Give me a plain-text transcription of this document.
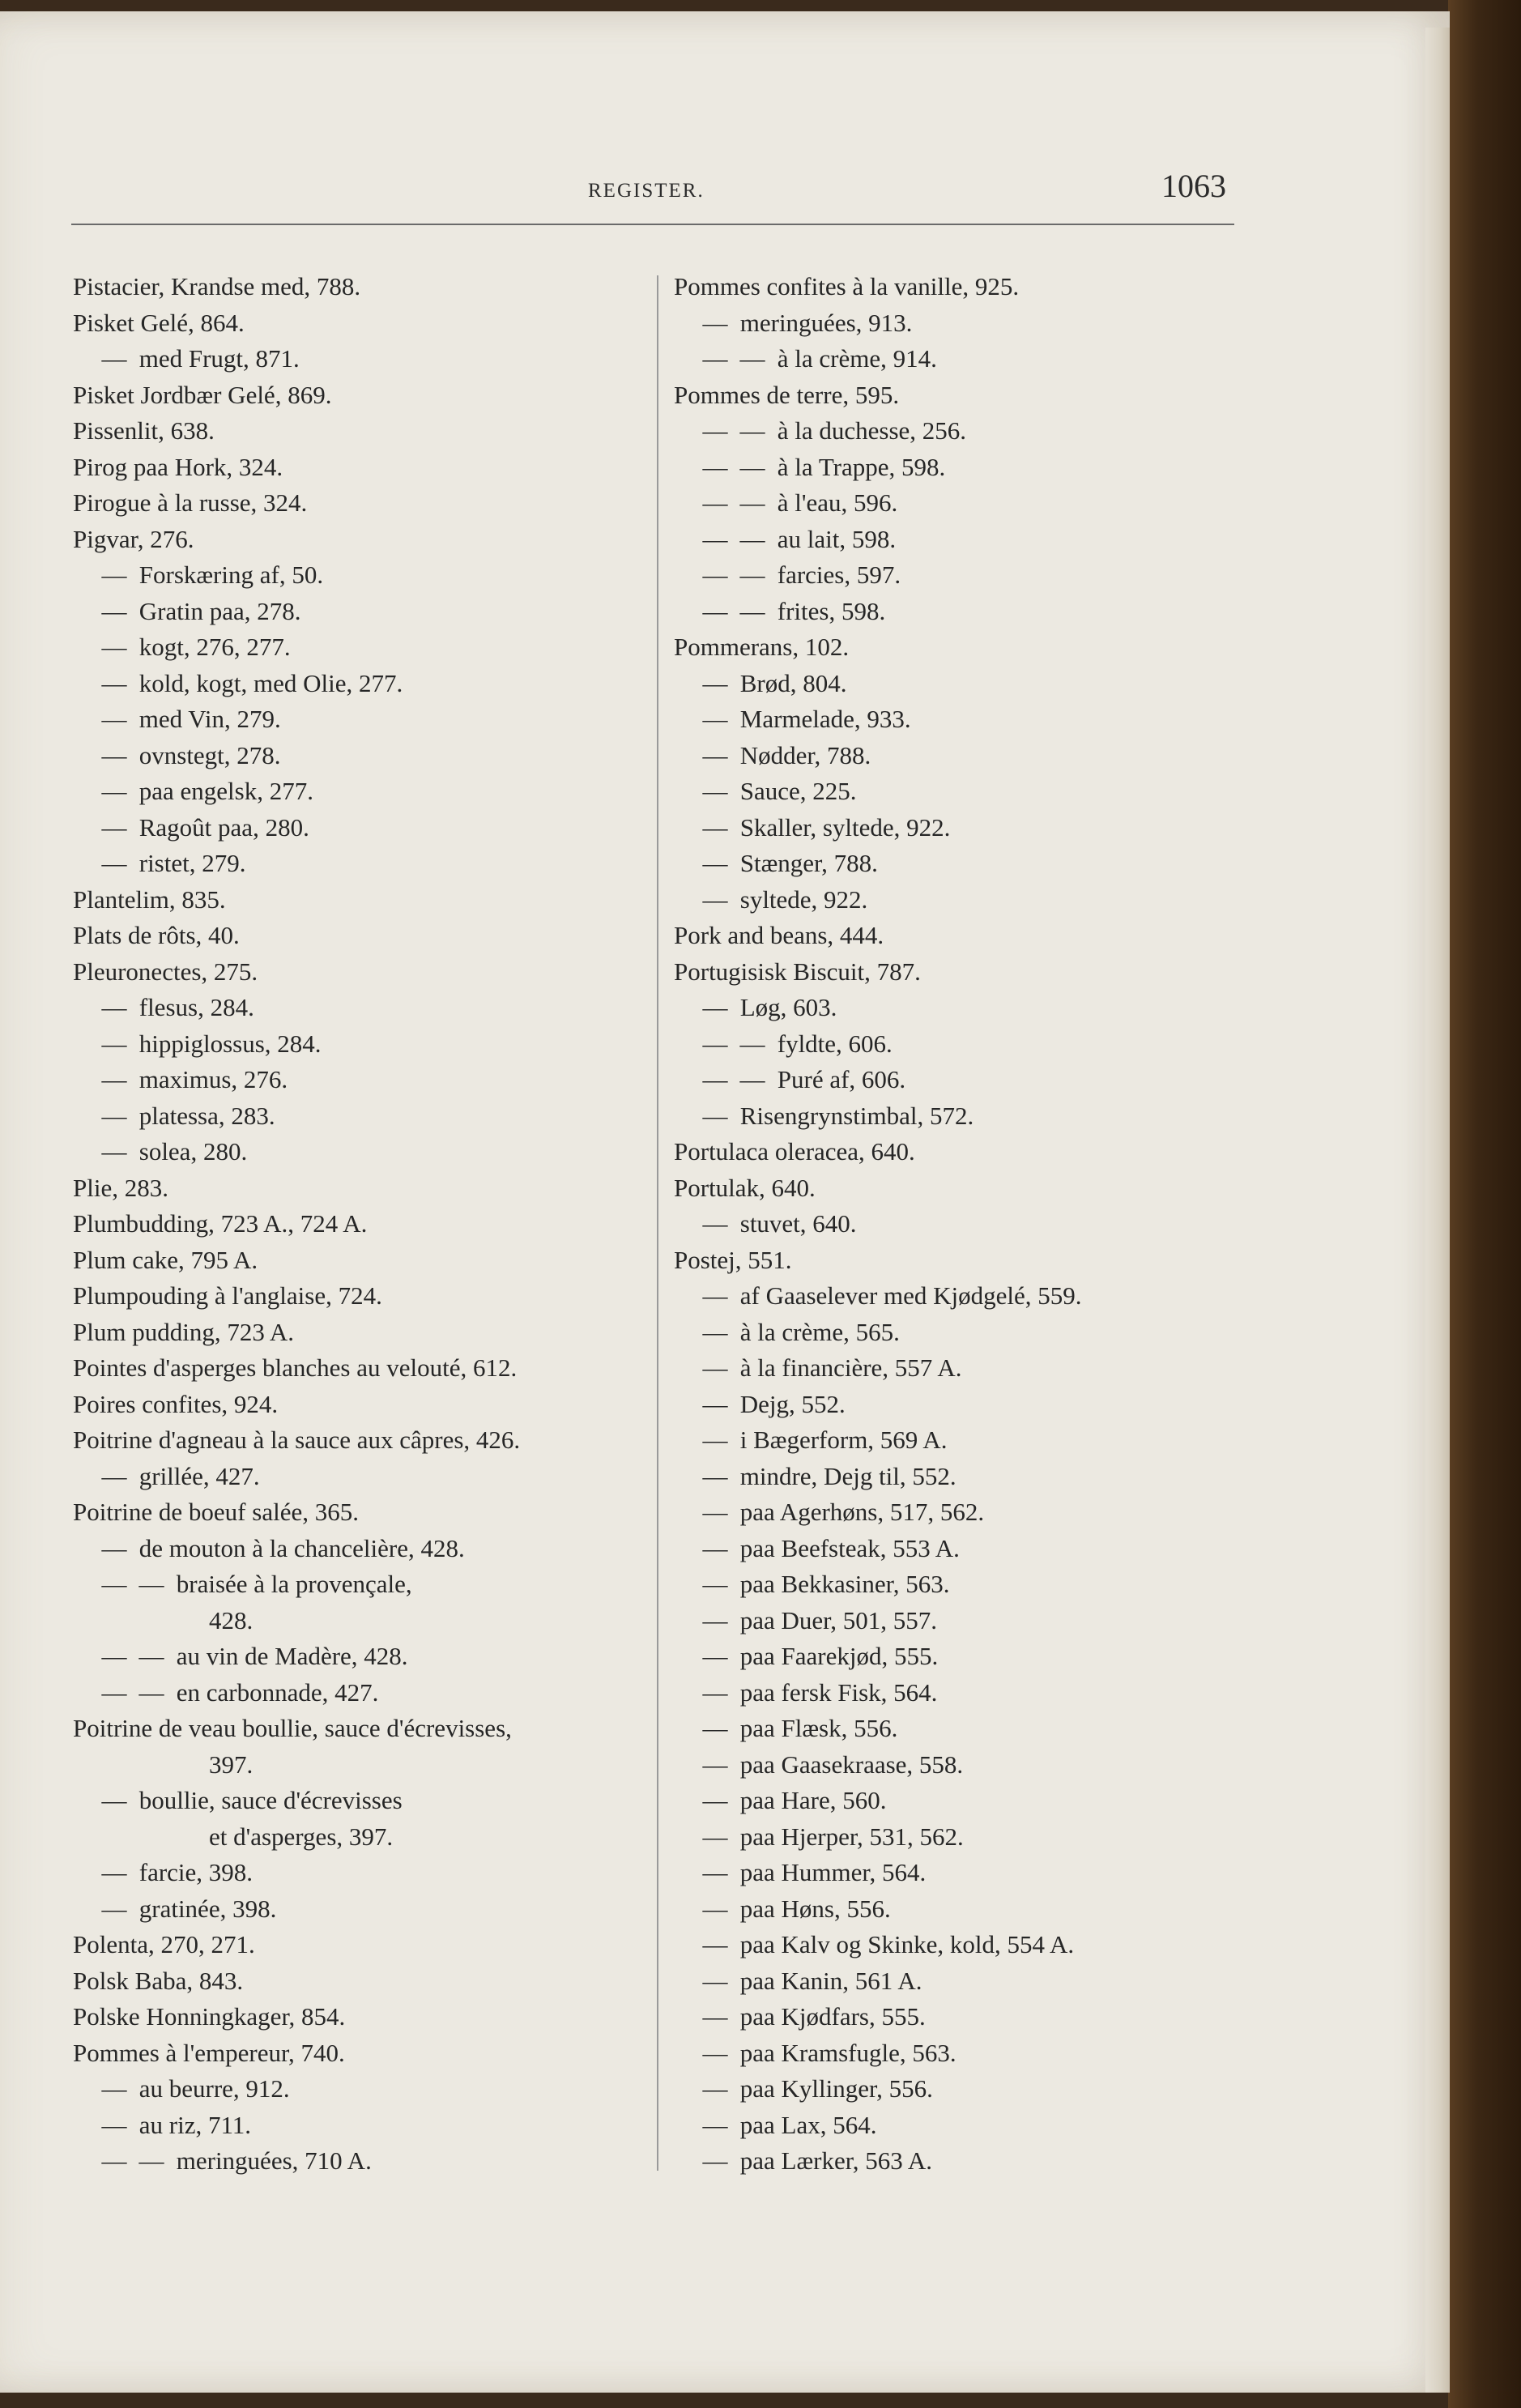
REGISTER.	1063
Pistacier, Krandse med, 788.
Pisket Gelé, 864.
— med Frugt, 871.
Pisket Jordbær Gelé, 869.
Pissenlit, 638.
Pirog paa Hork, 324.
Pirogue à la russe, 324.
Pigvar, 276.
— Forskæring af, 50.
— Gratin paa, 278.
— kogt, 276, 277.
— kold, kogt, med Olie, 277.
— med Vin, 279.
— ovnstegt, 278.
— paa engelsk, 277.
— Ragoût paa, 280.
— ristet, 279.
Plantelim, 835.
Plats de rôts, 40.
Pleuronectes, 275.
— flesus, 284.
— hippiglossus, 284.
— maximus, 276.
— platessa, 283.
— solea, 280.
Plie, 283.
Plumbudding, 723 A., 724 A.
Plum cake, 795 A.
Plumpouding à l'anglaise, 724.
Plum pudding, 723 A.
Pointes d'asperges blanches au velouté, 612.
Poires confites, 924.
Poitrine d'agneau à la sauce aux câpres, 426.
— grillée, 427.
Poitrine de boeuf salée, 365.
— de mouton à la chancelière, 428.
— — braisée à la provençale,
428.
— — au vin de Madère, 428.
— — en carbonnade, 427.
Poitrine de veau boullie, sauce d'écrevisses,
397.
— boullie, sauce d'écrevisses
et d'asperges, 397.
— farcie, 398.
— gratinée, 398.
Polenta, 270, 271.
Polsk Baba, 843.
Polske Honningkager, 854.
Pommes à l'empereur, 740.
— au beurre, 912.
— au riz, 711.
— — meringuées, 710 A.
Pommes confites à la vanille, 925.
— meringuées, 913.
— — à la crème, 914.
Pommes de terre, 595.
— — à la duchesse, 256.
— — à la Trappe, 598.
— — à l'eau, 596.
— — au lait, 598.
— — farcies, 597.
— — frites, 598.
Pommerans, 102.
— Brød, 804.
— Marmelade, 933.
— Nødder, 788.
— Sauce, 225.
— Skaller, syltede, 922.
— Stænger, 788.
— syltede, 922.
Pork and beans, 444.
Portugisisk Biscuit, 787.
— Løg, 603.
— — fyldte, 606.
— — Puré af, 606.
— Risengrynstimbal, 572.
Portulaca oleracea, 640.
Portulak, 640.
— stuvet, 640.
Postej, 551.
— af Gaaselever med Kjødgelé, 559.
— à la crème, 565.
— à la financière, 557 A.
— Dejg, 552.
— i Bægerform, 569 A.
— mindre, Dejg til, 552.
— paa Agerhøns, 517, 562.
— paa Beefsteak, 553 A.
— paa Bekkasiner, 563.
— paa Duer, 501, 557.
— paa Faarekjød, 555.
— paa fersk Fisk, 564.
— paa Flæsk, 556.
— paa Gaasekraase, 558.
— paa Hare, 560.
— paa Hjerper, 531, 562.
— paa Hummer, 564.
— paa Høns, 556.
— paa Kalv og Skinke, kold, 554 A.
— paa Kanin, 561 A.
— paa Kjødfars, 555.
— paa Kramsfugle, 563.
— paa Kyllinger, 556.
— paa Lax, 564.
— paa Lærker, 563 A.
